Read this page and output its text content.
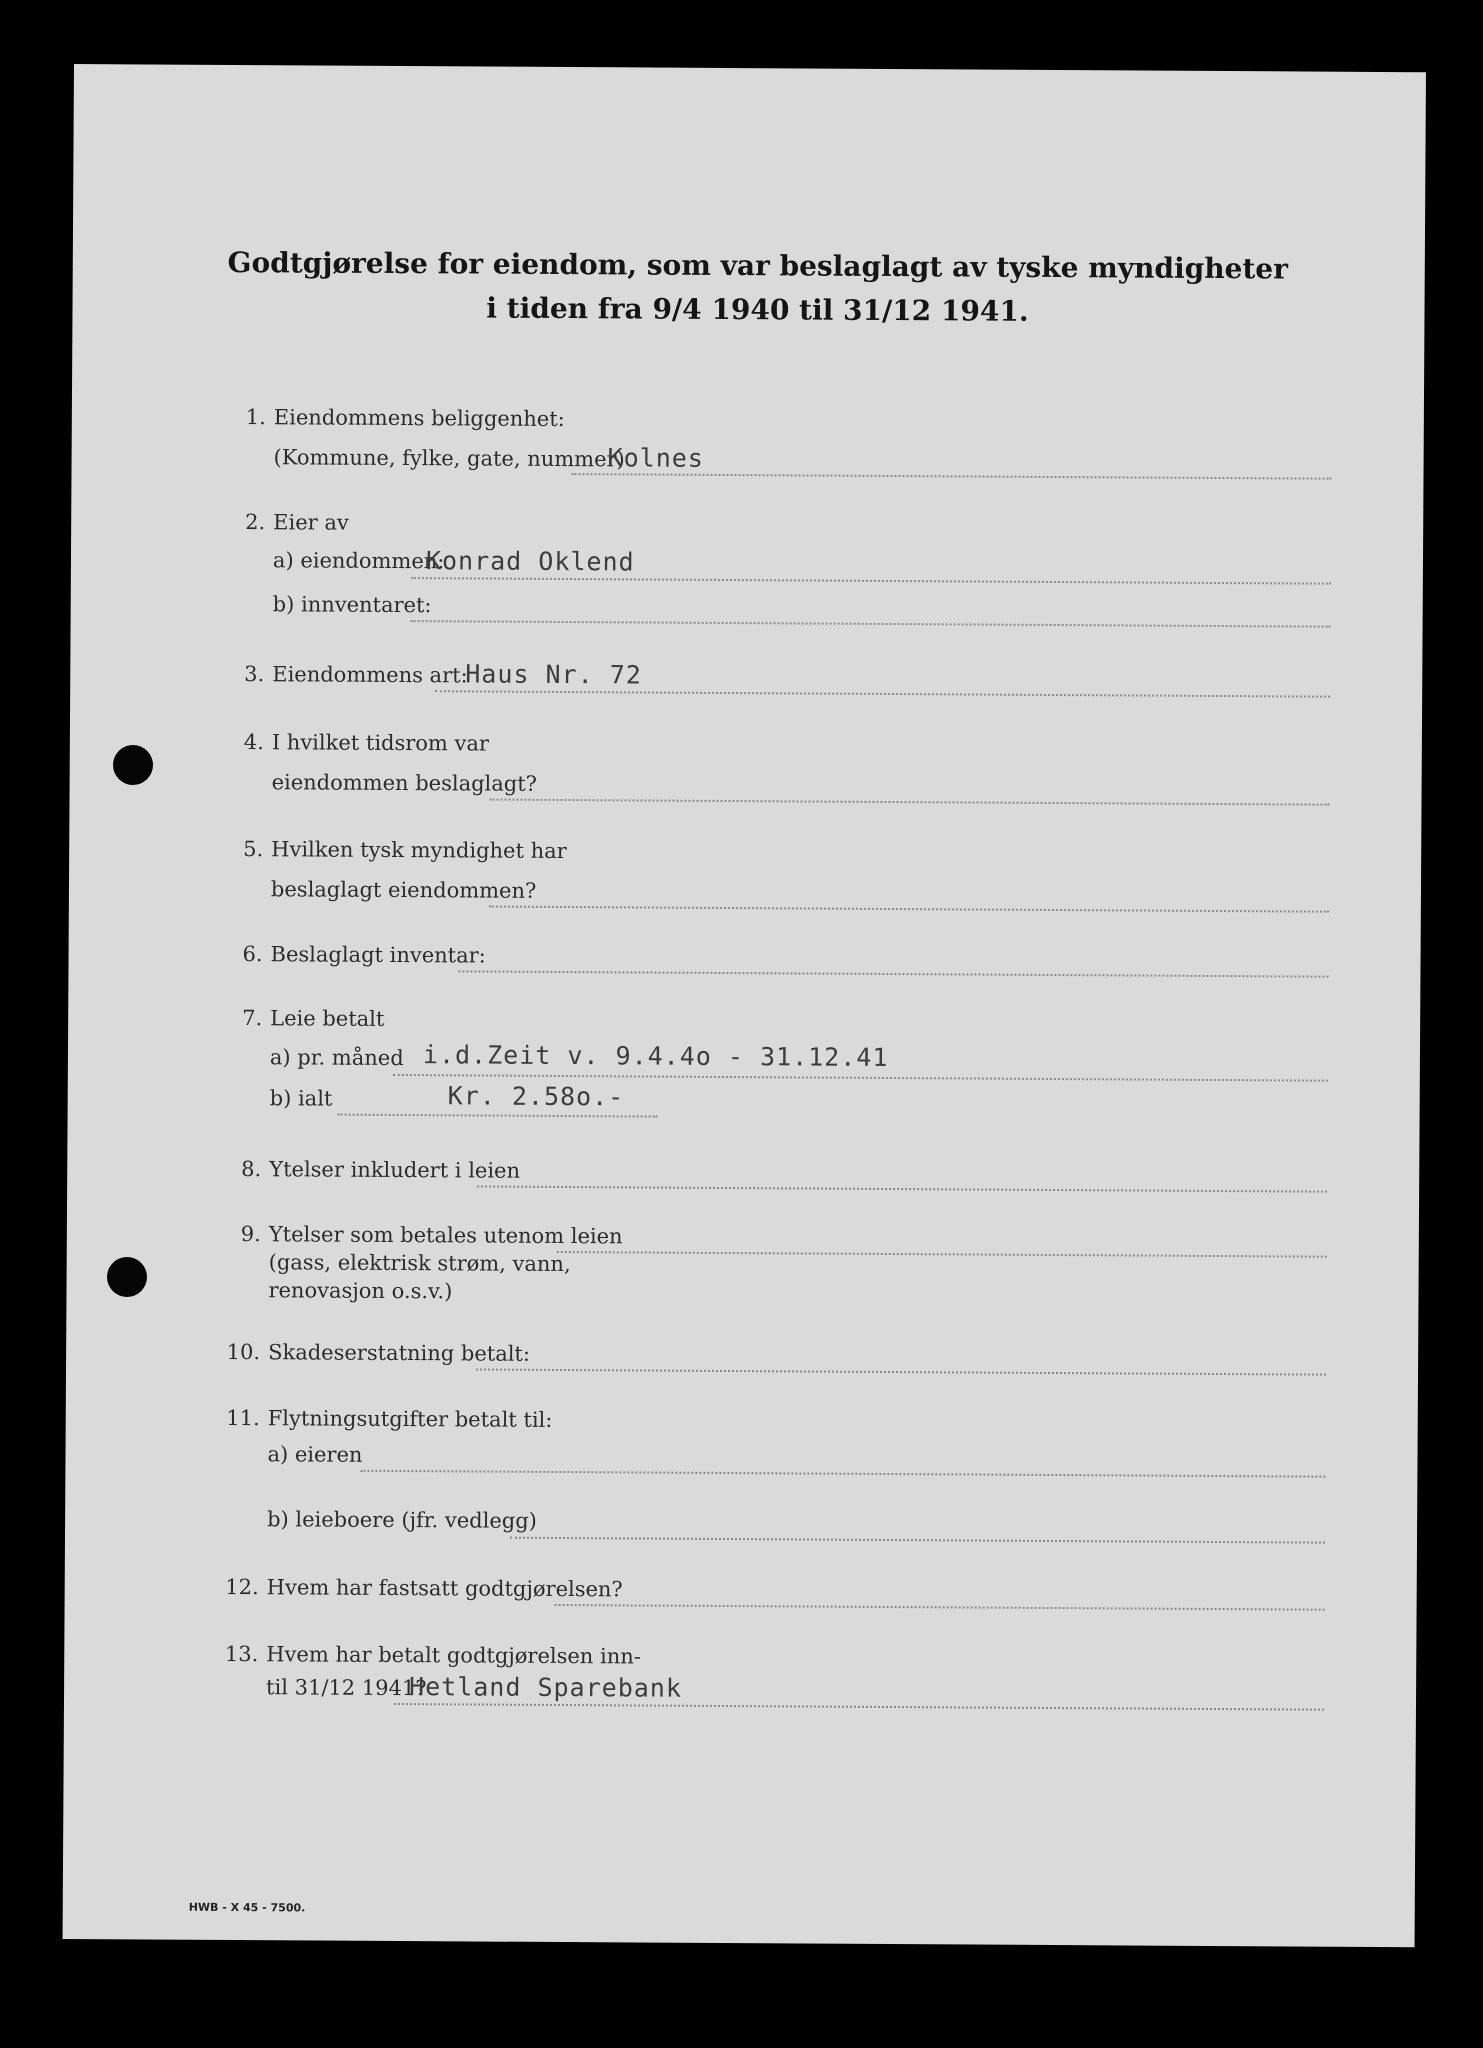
Godtgjørelse for eiendom, som var beslaglagt av tyske myndigheter
i tiden fra 9/4 1940 til 31/12 1941.
1. Eiendommens beliggenhet:
(Kommune, fylke, gate, nummer)
Kolnes
2. Eier av
a) eiendommen:
Konrad Oklend
b) innventaret:
3. Eiendommens art:
Haus Nr. 72
4. I hvilket tidsrom var
eiendommen beslaglagt?
5. Hvilken tysk myndighet har
beslaglagt eiendommen?
6. Beslaglagt inventar:
7. Leie betalt
a) pr. måned i.d.Zeit v. 9.4.4o - 31.12.41
b) ialt	Kr. 2.58o.-
8. Ytelser inkludert i leien
9. Ytelser som betales utenom leien
(gass, elektrisk strøm, vann,
renovasjon o.s.v.)
10. Skadeserstatning betalt:
11. Flytningsutgifter betalt til:
a) eieren
b) leieboere (jfr. vedlegg)
12. Hvem har fastsatt godtgjørelsen?
13. Hvem har betalt godtgjørelsen inn-
til 31/12 1941?
Hetland Sparebank
HWB - X 45 - 7500.
